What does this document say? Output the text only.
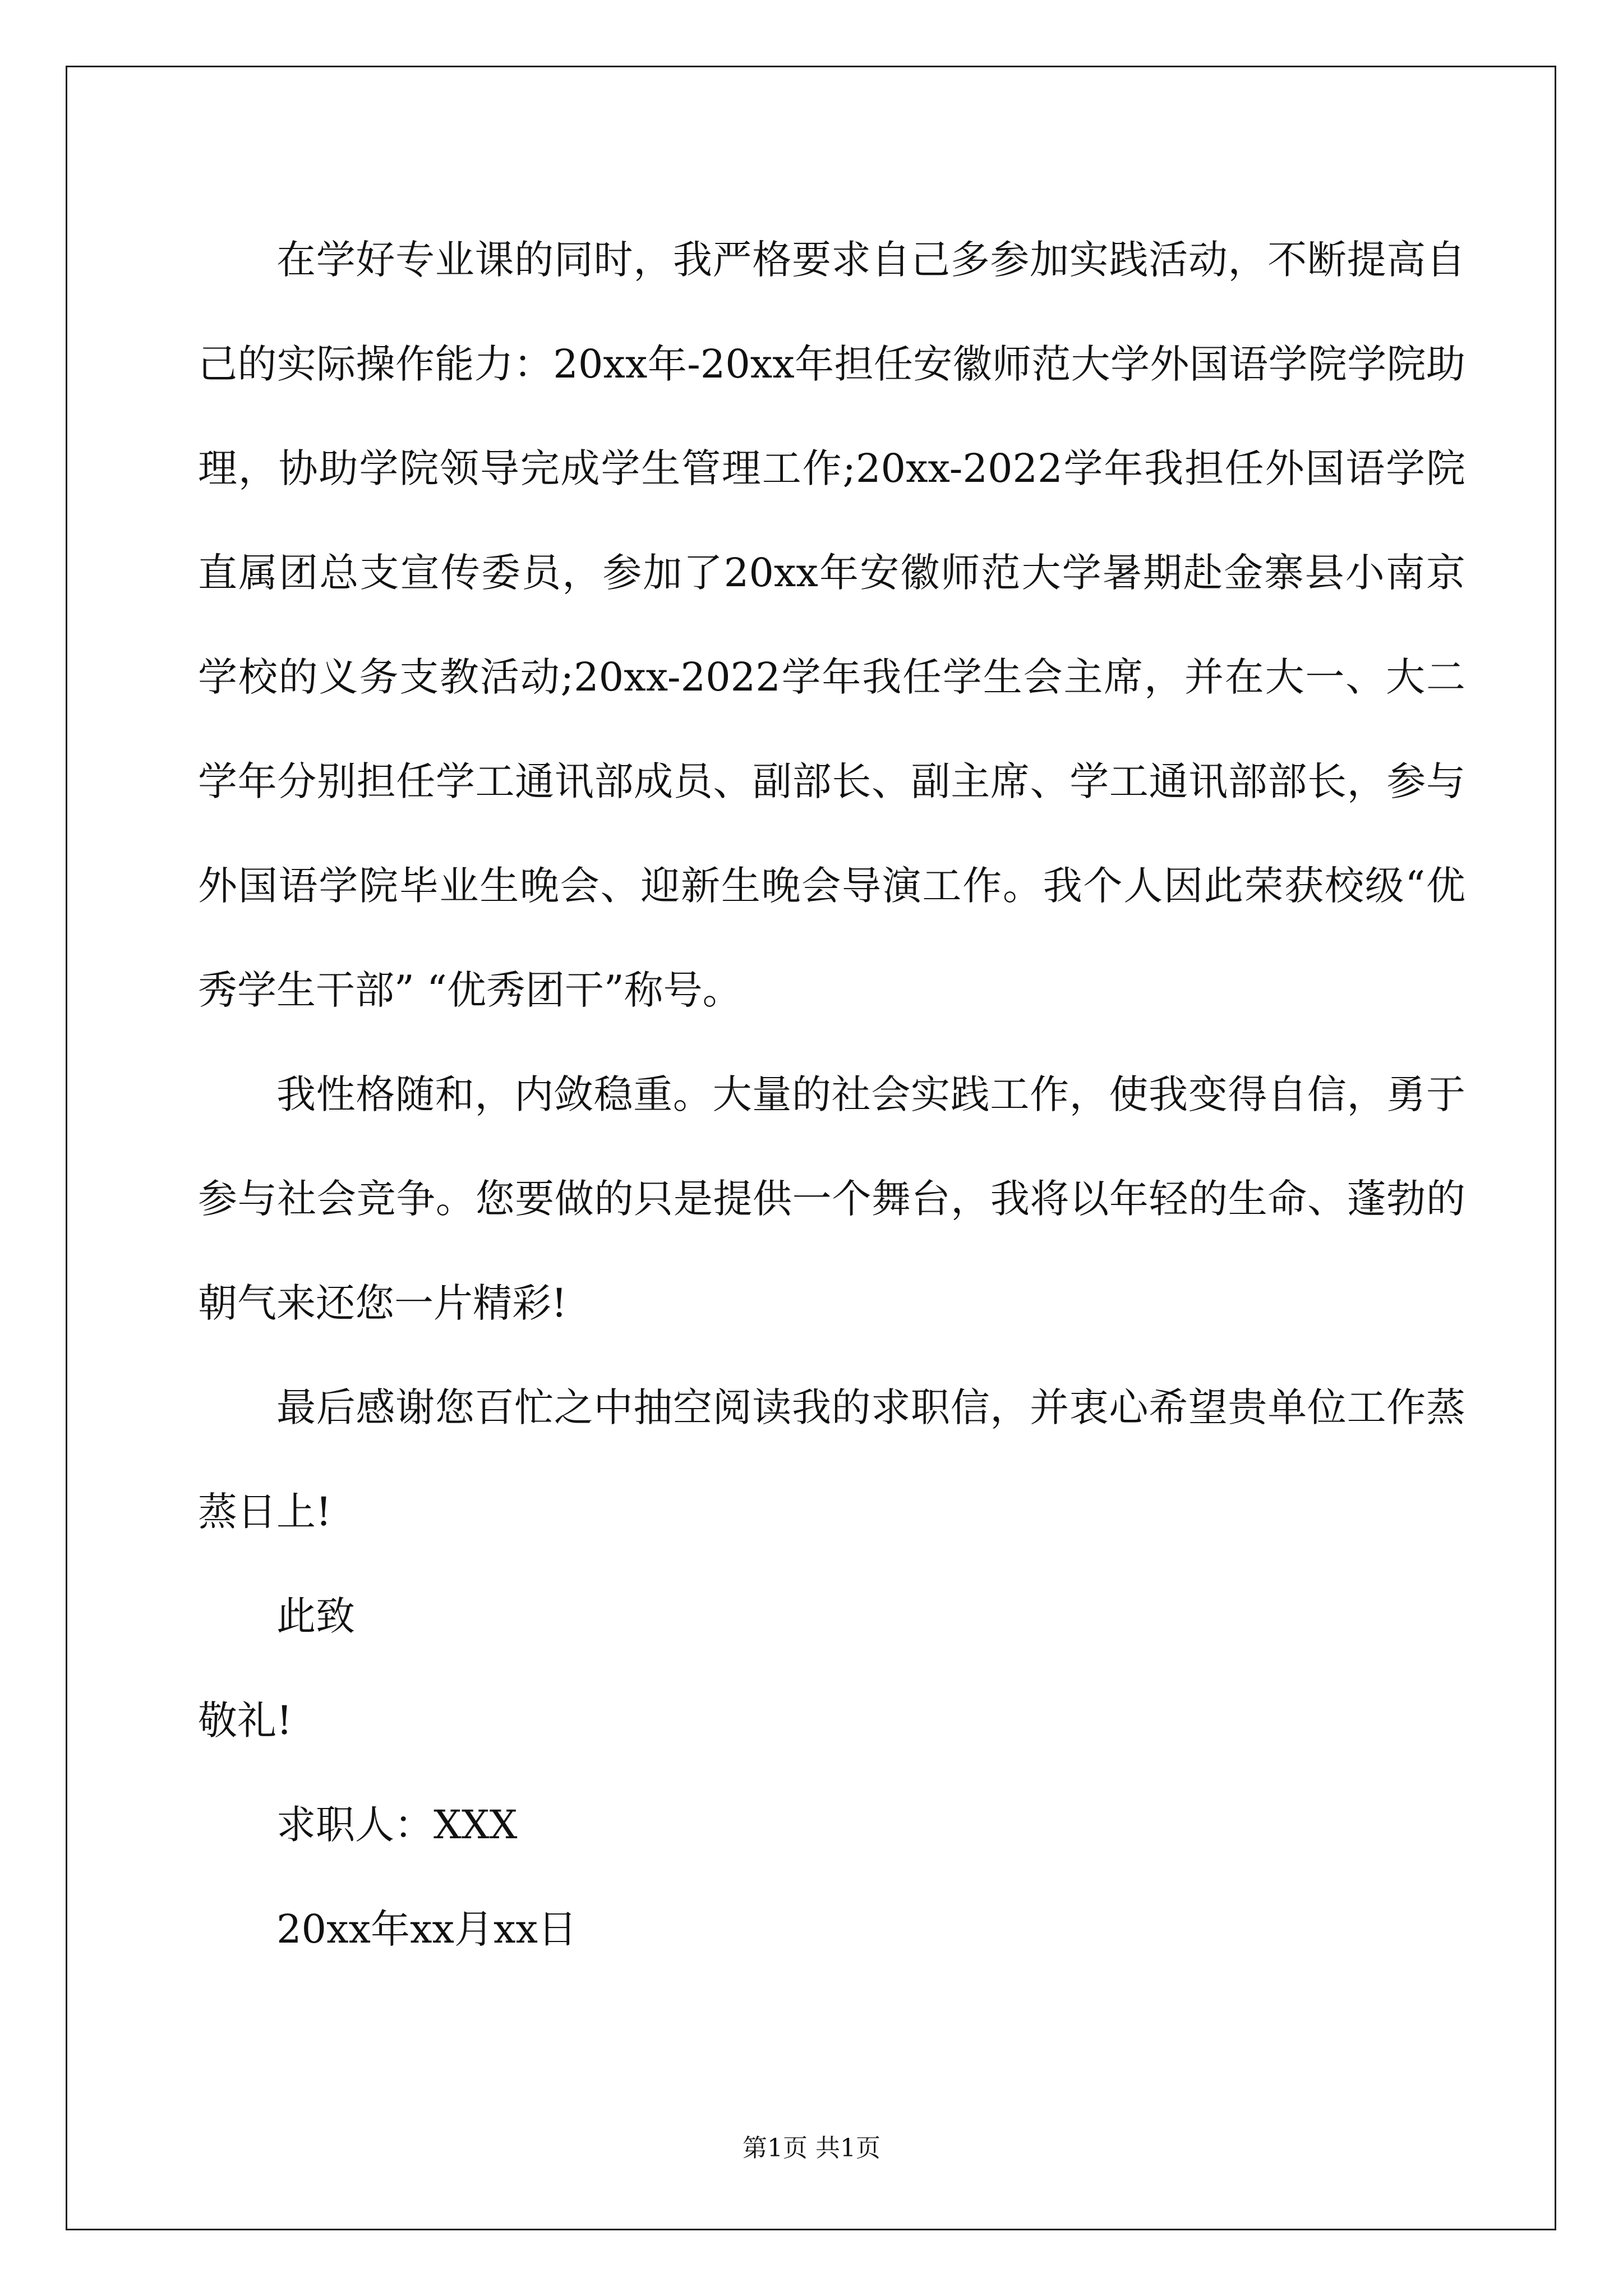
在学好专业课的同时，我严格要求自己多参加实践活动，不断提高自己的实际操作能力：20xx年-20xx年担任安徽师范大学外国语学院学院助理，协助学院领导完成学生管理工作;20xx-2022学年我担任外国语学院直属团总支宣传委员，参加了20xx年安徽师范大学暑期赴金寨县小南京学校的义务支教活动;20xx-2022学年我任学生会主席，并在大一、大二学年分别担任学工通讯部成员、副部长、副主席、学工通讯部部长，参与外国语学院毕业生晚会、迎新生晚会导演工作。我个人因此荣获校级“优秀学生干部” “优秀团干”称号。

我性格随和，内敛稳重。大量的社会实践工作，使我变得自信，勇于参与社会竞争。您要做的只是提供一个舞台，我将以年轻的生命、蓬勃的朝气来还您一片精彩!

最后感谢您百忙之中抽空阅读我的求职信，并衷心希望贵单位工作蒸蒸日上!

此致

敬礼!

求职人：XXX

20xx年xx月xx日

第1页 共1页
